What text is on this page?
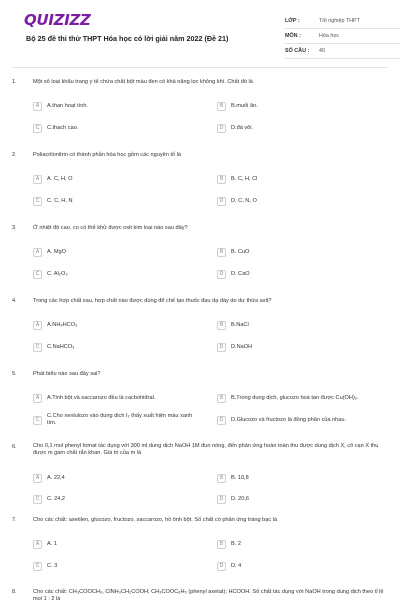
QUIZIZZ
Bộ 25 đề thi thử THPT Hóa học có lời giải năm 2022 (Đề 21)
LỚP :	Tốt nghiệp THPT
MÔN :	Hóa học
SỐ CÂU :	40
1.	Một số loại khẩu trang y tế chứa chất bột màu đen có khả năng lọc không khí. Chất đó là
A	A.than hoạt tính.	B	B.muối ăn.
C	C.thạch cao.	D	D.đá vôi.
2.	Poliacrilonitrin có thành phần hóa học gồm các nguyên tố là
A	A. C, H, O	B	B. C, H, Cl
C	C. C, H, N	D	D. C, N, O
3.	Ở nhiệt độ cao, co có thể khử được oxit kim loại nào sau đây?
A	A. MgO	B	B. CuO
C	C. Al₂O₃	D	D. CaO
4.	Trong các hợp chất sau, hợp chất nào được dùng để chế tạo thuốc đau dạ dày do dư thừa axit?
A	A.NH₄HCO₃	B	B.NaCl
C	C.NaHCO₃	D	D.NaOH
5.	Phát biểu nào sau đây sai?
A	A.Tinh bột và saccarozo đều là cacbohiđrat.	B	B.Trong dung dịch, glucozo hoà tan được Cu(OH)₂.
C
C.Cho xenlulozo vào dung dịch I₂ thấy xuất hiện màu xanh tím.	D	D.Glucozo và fructozo là đồng phân của nhau.
6.	Cho 0,1 mol phenyl fomat tác dụng với 300 ml dung dịch NaOH 1M đun nóng, đến phản ứng hoàn toàn thu được dung dịch X, cô cạn X thu được m gam chất rắn khan. Giá trị của m là
A	A. 22,4	B	B. 10,8
C	C. 24,2	D	D. 20,6
7.	Cho các chất: axetilen, glucozo, fructozo, saccarozo, hồ tinh bột. Số chất có phản ứng tráng bạc là
A	A. 1	B	B. 2
C	C. 3	D	D. 4
8.	Cho các chất: CH₃COOCH₃, ClNH₃CH₂COOH; CH₃COOC₆H₅ (phenyl axetat); HCOOH. Số chất tác dụng với NaOH trong dung dịch theo tỉ lệ mol 1 : 2 là
